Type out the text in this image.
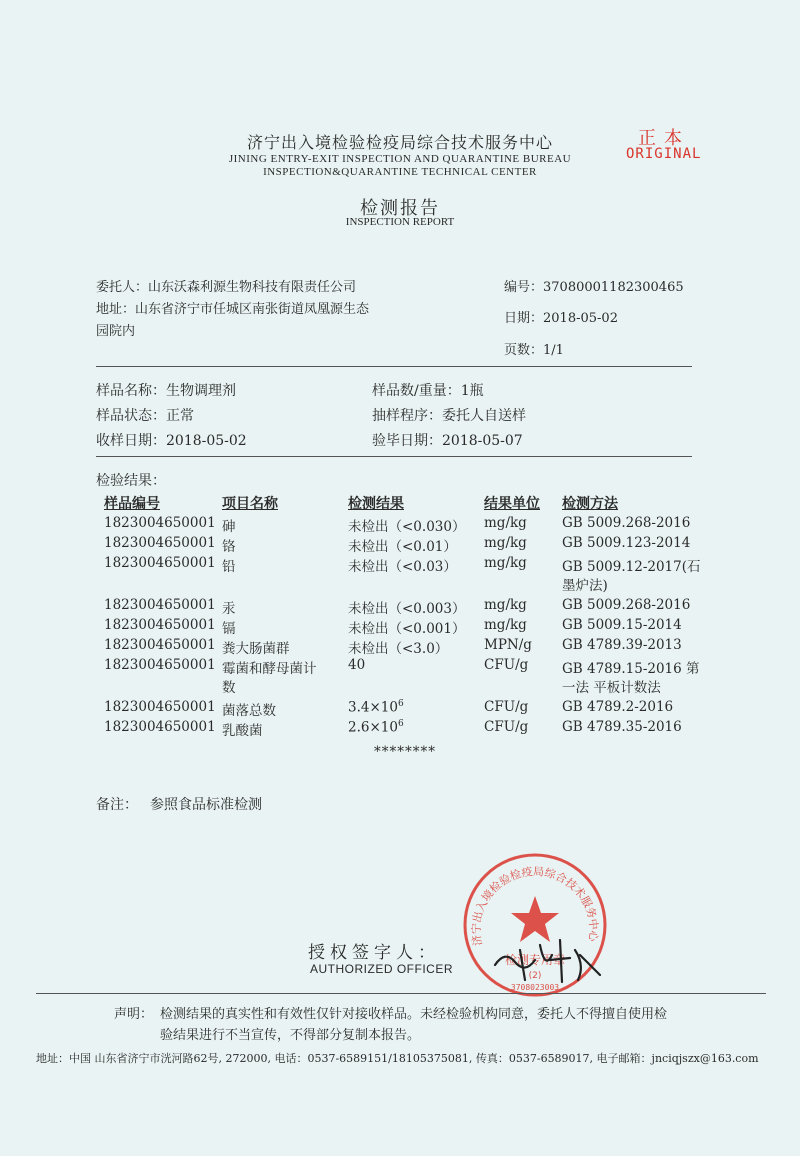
济宁出入境检验检疫局综合技术服务中心
JINING ENTRY-EXIT INSPECTION AND QUARANTINE BUREAU
INSPECTION&QUARANTINE TECHNICAL CENTER
正本
ORIGINAL
检测报告
INSPECTION REPORT
委托人：山东沃森利源生物科技有限责任公司
地址：山东省济宁市任城区南张街道凤凰源生态
园院内
编号：37080001182300465
日期：2018-05-02
页数：1/1
样品名称：生物调理剂	样品数/重量：1瓶
样品状态：正常	抽样程序：委托人自送样
收样日期：2018-05-02	验毕日期：2018-05-07
检验结果：
样品编号	项目名称	检测结果	结果单位 检测方法
1823004650001 砷	未检出（<0.030） mg/kg	GB 5009.268-2016
1823004650001 铬	未检出（<0.01） mg/kg	GB 5009.123-2014
1823004650001 铅	未检出（<0.03） mg/kg	GB 5009.12-2017(石
墨炉法)
1823004650001 汞	未检出（<0.003） mg/kg	GB 5009.268-2016
1823004650001 镉	未检出（<0.001） mg/kg	GB 5009.15-2014
1823004650001 粪大肠菌群	未检出（<3.0）	MPN/g GB 4789.39-2013
1823004650001 霉菌和酵母菌计
数
40	CFU/g GB 4789.15-2016 第
一法 平板计数法
1823004650001 菌落总数	$3.4\times 10^6$	CFU/g GB 4789.2-2016
1823004650001 乳酸菌	$2.6\times 10^6$	CFU/g GB 4789.35-2016
********
备注： 参照食品标准检测
济宁出入境检验检疫局综合技术服务中心
检测专用章
(2)
3708023003
授权签字人：
AUTHORIZED OFFICER
声明： 检测结果的真实性和有效性仅针对接收样品。未经检验机构同意，委托人不得擅自使用检
验结果进行不当宣传，不得部分复制本报告。
地址：中国 山东省济宁市洸河路62号, 272000, 电话：0537-6589151/18105375081, 传真：0537-6589017, 电子邮箱：jnciqjszx@163.com
